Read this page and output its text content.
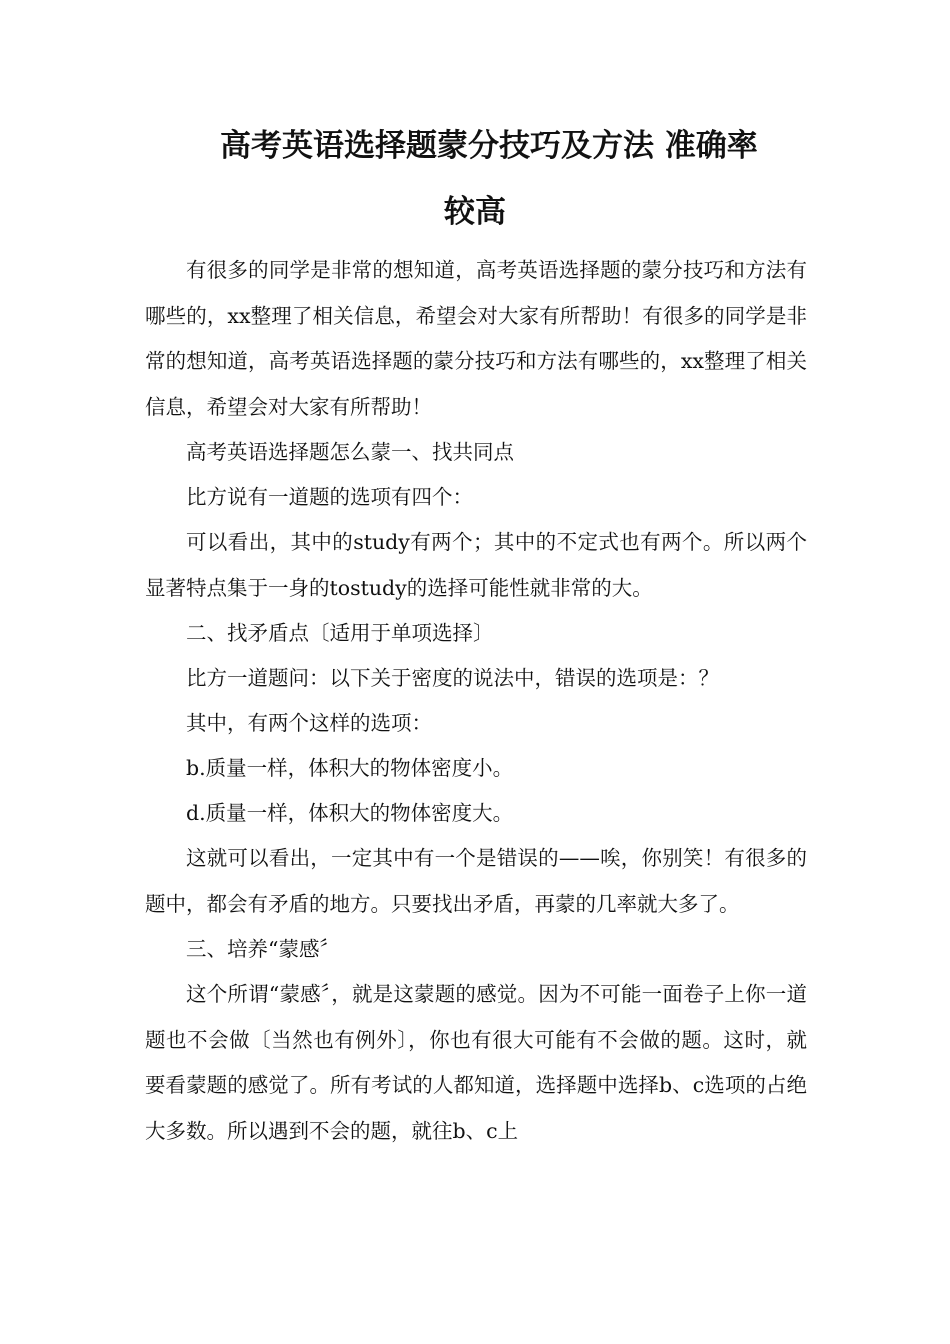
高考英语选择题蒙分技巧及方法 准确率
较高

有很多的同学是非常的想知道，高考英语选择题的蒙分技巧和方法有哪些的，xx整理了相关信息，希望会对大家有所帮助！有很多的同学是非常的想知道，高考英语选择题的蒙分技巧和方法有哪些的，xx整理了相关信息，希望会对大家有所帮助！

高考英语选择题怎么蒙一、找共同点

比方说有一道题的选项有四个：

可以看出，其中的study有两个；其中的不定式也有两个。所以两个显著特点集于一身的tostudy的选择可能性就非常的大。

二、找矛盾点〔适用于单项选择〕

比方一道题问：以下关于密度的说法中，错误的选项是：？

其中，有两个这样的选项：

b.质量一样，体积大的物体密度小。

d.质量一样，体积大的物体密度大。

这就可以看出，一定其中有一个是错误的——唉，你别笑！有很多的题中，都会有矛盾的地方。只要找出矛盾，再蒙的几率就大多了。

三、培养“蒙感〞

这个所谓“蒙感〞，就是这蒙题的感觉。因为不可能一面卷子上你一道题也不会做〔当然也有例外〕，你也有很大可能有不会做的题。这时，就要看蒙题的感觉了。所有考试的人都知道，选择题中选择b、c选项的占绝大多数。所以遇到不会的题，就往b、c上
